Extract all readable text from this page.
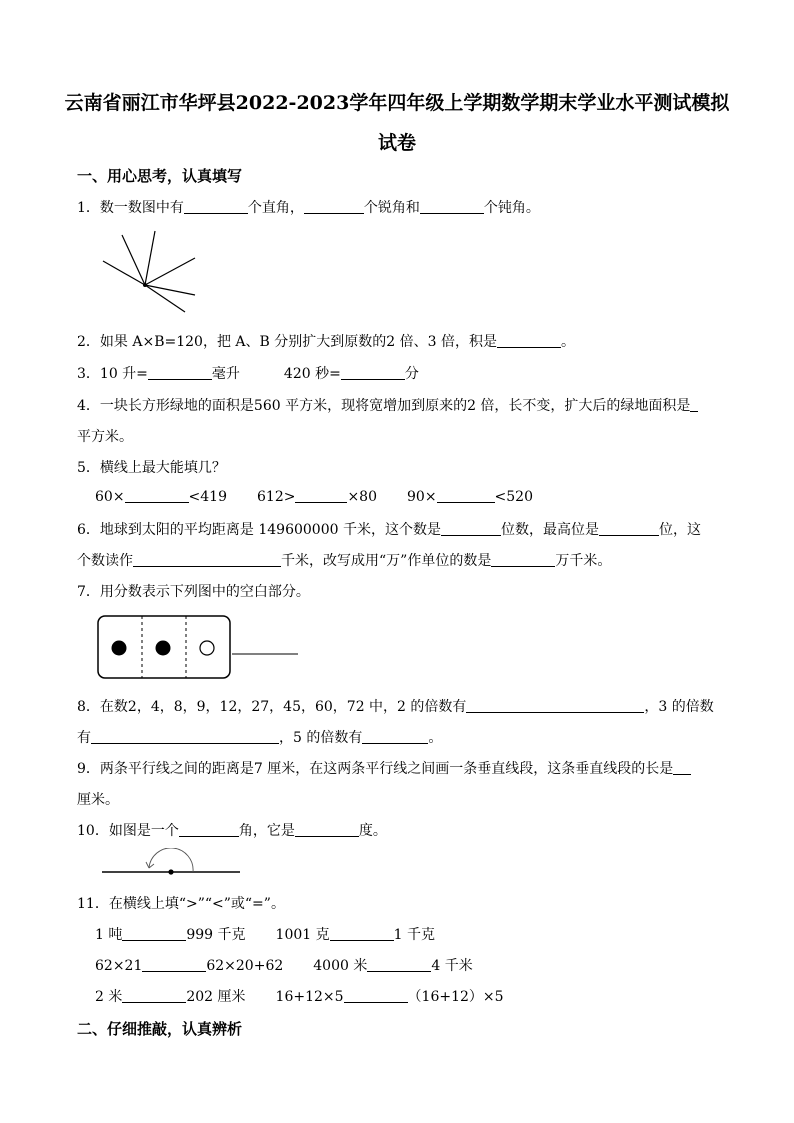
云南省丽江市华坪县2022-2023学年四年级上学期数学期末学业水平测试模拟
试卷
一、用心思考，认真填写
1．数一数图中有	个直角，	个锐角和	个钝角。
2．如果 A×B=120，把 A、B 分别扩大到原数的2 倍、3 倍，积是	。
3．10 升=	毫升	420 秒=	分
4．一块长方形绿地的面积是560 平方米，现将宽增加到原来的2 倍，长不变，扩大后的绿地面积是
平方米。
5．横线上最大能填几？
60×	<419 612>	×80 90×	<520
6．地球到太阳的平均距离是 149600000 千米，这个数是	位数，最高位是	位，这
个数读作	千米，改写成用“万”作单位的数是	万千米。
7．用分数表示下列图中的空白部分。
8．在数2，4，8，9，12，27，45，60，72 中，2 的倍数有	，3 的倍数
有	，5 的倍数有	。
9．两条平行线之间的距离是7 厘米，在这两条平行线之间画一条垂直线段，这条垂直线段的长是
厘米。
10．如图是一个	角，它是	度。
11．在横线上填“>”“<”或“=”。
1 吨	999 千克 1001 克	1 千克
62×21	62×20+62 4000 米	4 千米
2 米	202 厘米 16+12×5	（16+12）×5
二、仔细推敲，认真辨析
